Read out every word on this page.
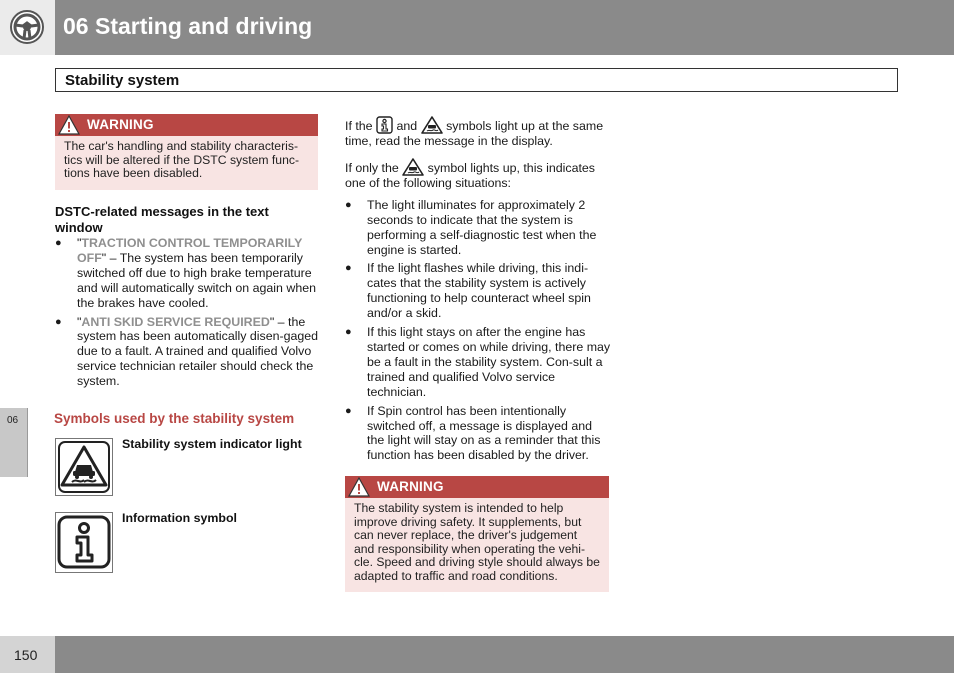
06 Starting and driving
Stability system
06
WARNING
The car's handling and stability characteris-tics will be altered if the DSTC system func-tions have been disabled.
DSTC-related messages in the text window
● "TRACTION CONTROL TEMPORARILY OFF" – The system has been temporarily switched off due to high brake temperature and will automatically switch on again when the brakes have cooled.
● "ANTI SKID SERVICE REQUIRED" – the system has been automatically disen-gaged due to a fault. A trained and qualified Volvo service technician retailer should check the system.
Symbols used by the stability system
Stability system indicator light
Information symbol
If the and symbols light up at the same time, read the message in the display.
If only the symbol lights up, this indicates one of the following situations:
● The light illuminates for approximately 2 seconds to indicate that the system is performing a self-diagnostic test when the engine is started.
● If the light flashes while driving, this indi-cates that the stability system is actively functioning to help counteract wheel spin and/or a skid.
● If this light stays on after the engine has started or comes on while driving, there may be a fault in the stability system. Con-sult a trained and qualified Volvo service technician.
● If Spin control has been intentionally switched off, a message is displayed and the light will stay on as a reminder that this function has been disabled by the driver.
WARNING
The stability system is intended to help improve driving safety. It supplements, but can never replace, the driver's judgement and responsibility when operating the vehi-cle. Speed and driving style should always be adapted to traffic and road conditions.
150
